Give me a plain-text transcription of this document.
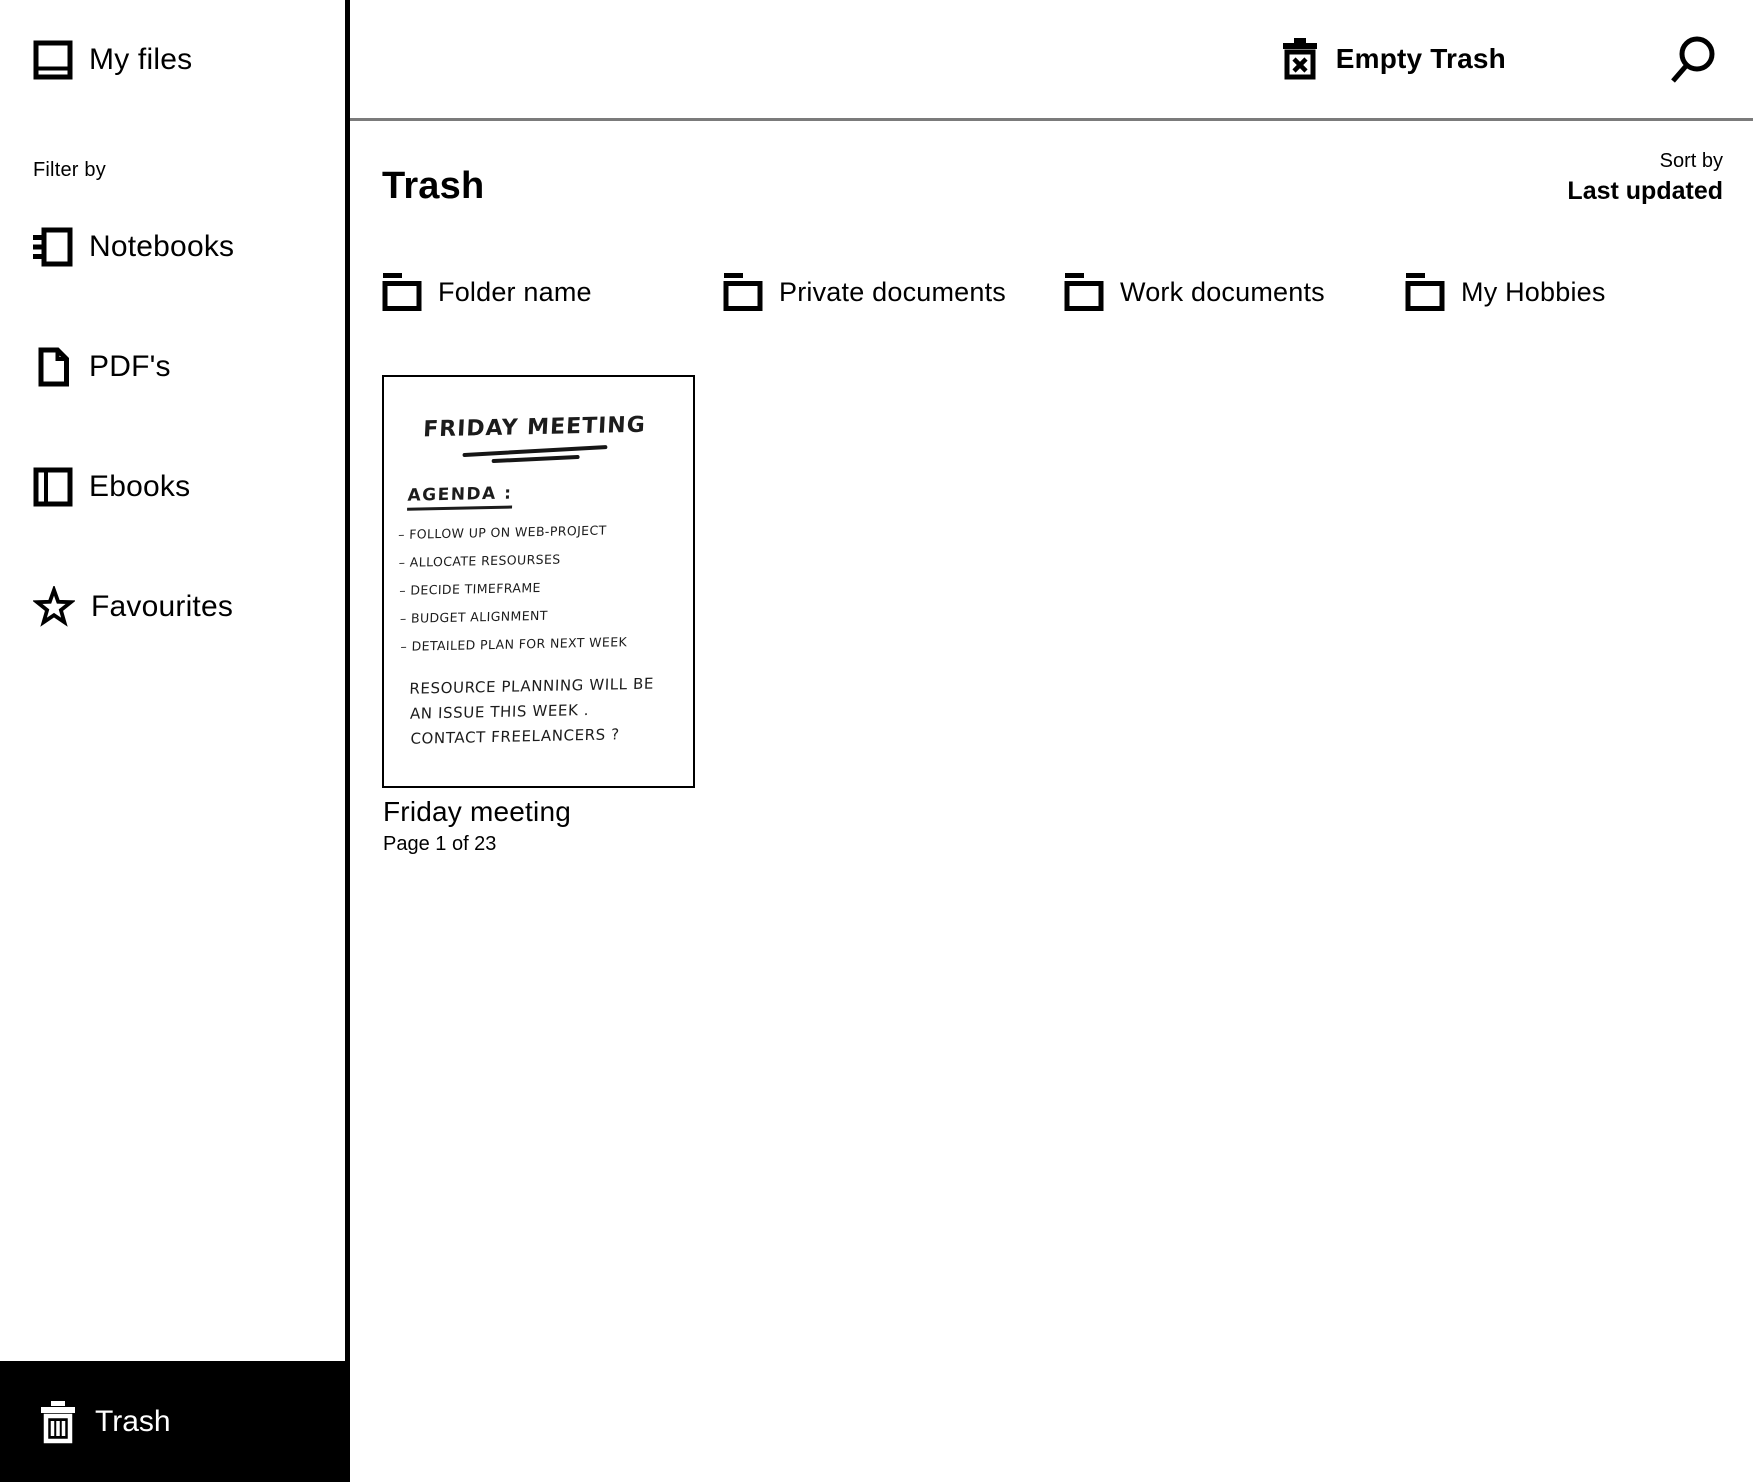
My files
Filter by
Notebooks
PDF's
Ebooks
Favourites
Trash
Empty Trash
Trash
Sort by
Last updated
Folder name	Private documents	Work documents	My Hobbies
FRIDAY MEETING
AGENDA :
– FOLLOW UP ON WEB-PROJECT
– ALLOCATE RESOURSES
– DECIDE TIMEFRAME
– BUDGET ALIGNMENT
– DETAILED PLAN FOR NEXT WEEK
RESOURCE PLANNING WILL BE
AN ISSUE THIS WEEK .
CONTACT FREELANCERS ?
Friday meeting
Page 1 of 23
